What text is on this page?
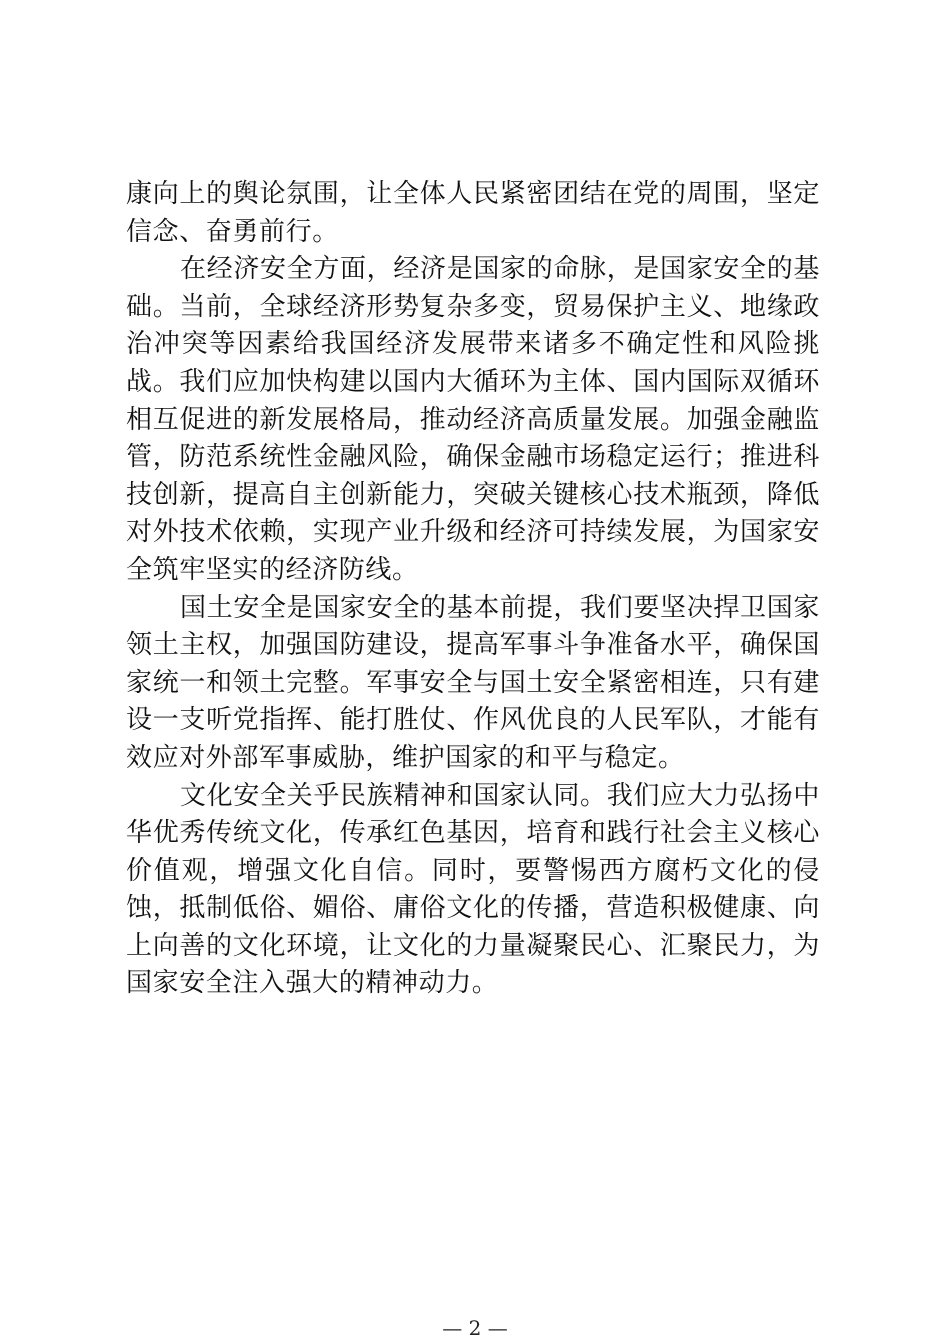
康向上的舆论氛围，让全体人民紧密团结在党的周围，坚定信念、奋勇前行。

在经济安全方面，经济是国家的命脉，是国家安全的基础。当前，全球经济形势复杂多变，贸易保护主义、地缘政治冲突等因素给我国经济发展带来诸多不确定性和风险挑战。我们应加快构建以国内大循环为主体、国内国际双循环相互促进的新发展格局，推动经济高质量发展。加强金融监管，防范系统性金融风险，确保金融市场稳定运行；推进科技创新，提高自主创新能力，突破关键核心技术瓶颈，降低对外技术依赖，实现产业升级和经济可持续发展，为国家安全筑牢坚实的经济防线。

国土安全是国家安全的基本前提，我们要坚决捍卫国家领土主权，加强国防建设，提高军事斗争准备水平，确保国家统一和领土完整。军事安全与国土安全紧密相连，只有建设一支听党指挥、能打胜仗、作风优良的人民军队，才能有效应对外部军事威胁，维护国家的和平与稳定。

文化安全关乎民族精神和国家认同。我们应大力弘扬中华优秀传统文化，传承红色基因，培育和践行社会主义核心价值观，增强文化自信。同时，要警惕西方腐朽文化的侵蚀，抵制低俗、媚俗、庸俗文化的传播，营造积极健康、向上向善的文化环境，让文化的力量凝聚民心、汇聚民力，为国家安全注入强大的精神动力。

— 2 —
